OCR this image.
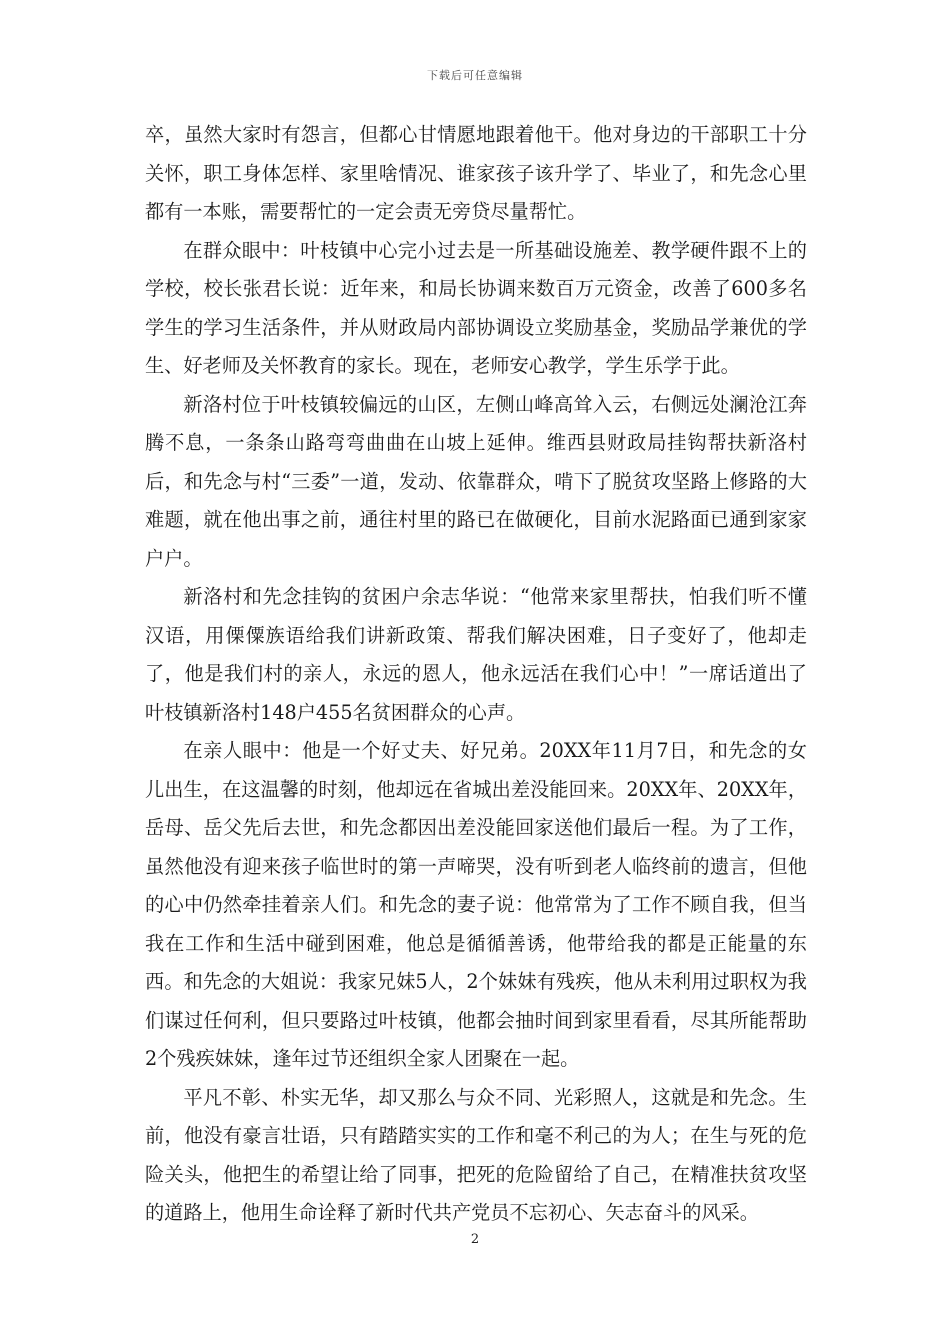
下载后可任意编辑

卒，虽然大家时有怨言，但都心甘情愿地跟着他干。他对身边的干部职工十分关怀，职工身体怎样、家里啥情况、谁家孩子该升学了、毕业了，和先念心里都有一本账，需要帮忙的一定会责无旁贷尽量帮忙。

在群众眼中：叶枝镇中心完小过去是一所基础设施差、教学硬件跟不上的学校，校长张君长说：近年来，和局长协调来数百万元资金，改善了600多名学生的学习生活条件，并从财政局内部协调设立奖励基金，奖励品学兼优的学生、好老师及关怀教育的家长。现在，老师安心教学，学生乐学于此。

新洛村位于叶枝镇较偏远的山区，左侧山峰高耸入云，右侧远处澜沧江奔腾不息，一条条山路弯弯曲曲在山坡上延伸。维西县财政局挂钩帮扶新洛村后，和先念与村“三委”一道，发动、依靠群众，啃下了脱贫攻坚路上修路的大难题，就在他出事之前，通往村里的路已在做硬化，目前水泥路面已通到家家户户。

新洛村和先念挂钩的贫困户余志华说：“他常来家里帮扶，怕我们听不懂汉语，用傈僳族语给我们讲新政策、帮我们解决困难，日子变好了，他却走了，他是我们村的亲人，永远的恩人，他永远活在我们心中！”一席话道出了叶枝镇新洛村148户455名贫困群众的心声。

在亲人眼中：他是一个好丈夫、好兄弟。20XX年11月7日，和先念的女儿出生，在这温馨的时刻，他却远在省城出差没能回来。20XX年、20XX年，岳母、岳父先后去世，和先念都因出差没能回家送他们最后一程。为了工作，虽然他没有迎来孩子临世时的第一声啼哭，没有听到老人临终前的遗言，但他的心中仍然牵挂着亲人们。和先念的妻子说：他常常为了工作不顾自我，但当我在工作和生活中碰到困难，他总是循循善诱，他带给我的都是正能量的东西。和先念的大姐说：我家兄妹5人，2个妹妹有残疾，他从未利用过职权为我们谋过任何利，但只要路过叶枝镇，他都会抽时间到家里看看，尽其所能帮助2个残疾妹妹，逢年过节还组织全家人团聚在一起。

平凡不彰、朴实无华，却又那么与众不同、光彩照人，这就是和先念。生前，他没有豪言壮语，只有踏踏实实的工作和毫不利己的为人；在生与死的危险关头，他把生的希望让给了同事，把死的危险留给了自己，在精准扶贫攻坚的道路上，他用生命诠释了新时代共产党员不忘初心、矢志奋斗的风采。

2
